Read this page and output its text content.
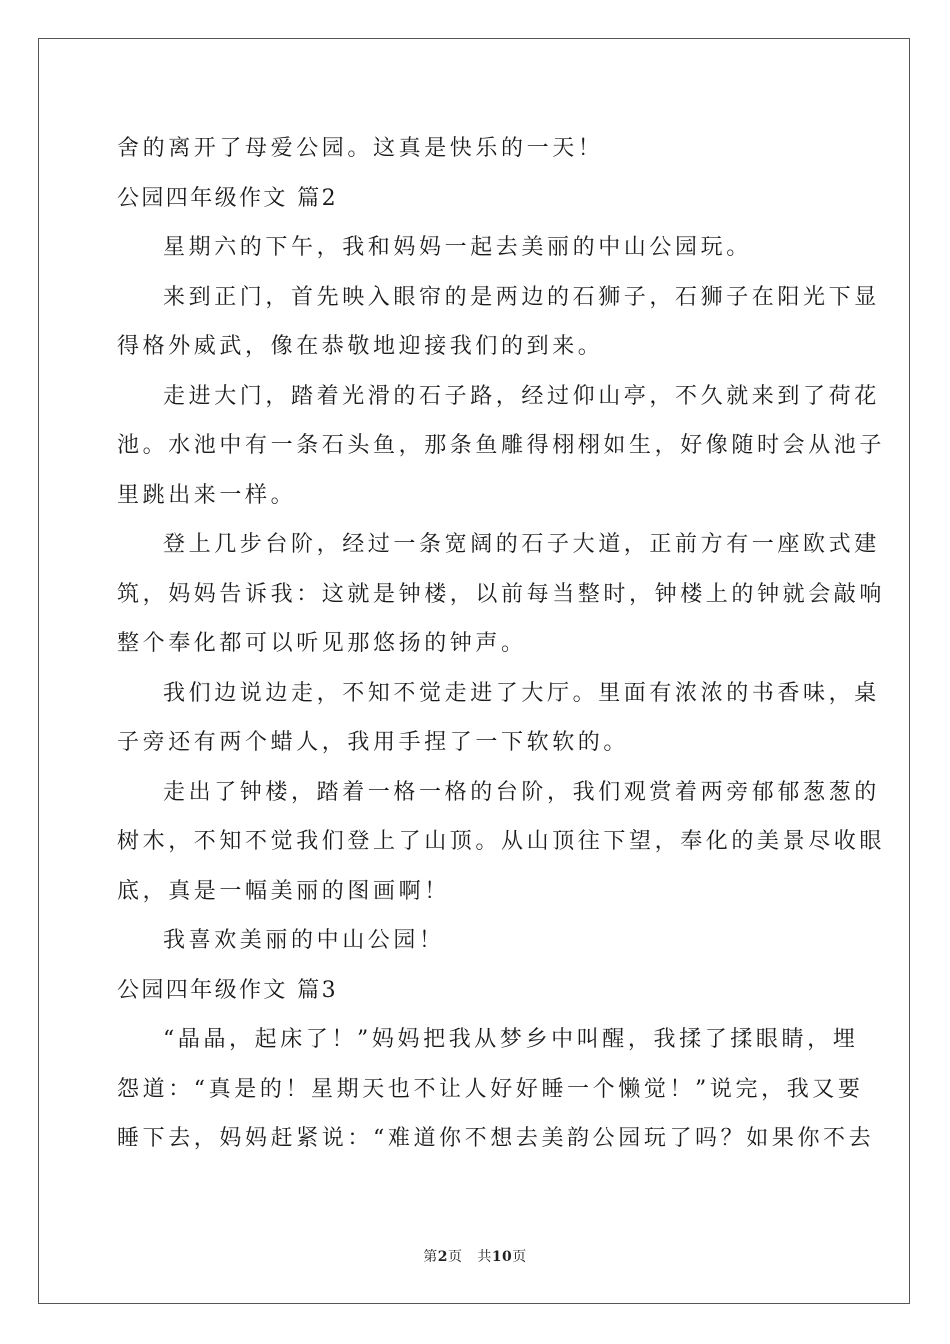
舍的离开了母爱公园。这真是快乐的一天！
公园四年级作文 篇2
星期六的下午，我和妈妈一起去美丽的中山公园玩。
来到正门，首先映入眼帘的是两边的石狮子，石狮子在阳光下显
得格外威武，像在恭敬地迎接我们的到来。
走进大门，踏着光滑的石子路，经过仰山亭，不久就来到了荷花
池。水池中有一条石头鱼，那条鱼雕得栩栩如生，好像随时会从池子
里跳出来一样。
登上几步台阶，经过一条宽阔的石子大道，正前方有一座欧式建
筑，妈妈告诉我：这就是钟楼，以前每当整时，钟楼上的钟就会敲响
整个奉化都可以听见那悠扬的钟声。
我们边说边走，不知不觉走进了大厅。里面有浓浓的书香味，桌
子旁还有两个蜡人，我用手捏了一下软软的。
走出了钟楼，踏着一格一格的台阶，我们观赏着两旁郁郁葱葱的
树木，不知不觉我们登上了山顶。从山顶往下望，奉化的美景尽收眼
底，真是一幅美丽的图画啊！
我喜欢美丽的中山公园！
公园四年级作文 篇3
“晶晶，起床了！”妈妈把我从梦乡中叫醒，我揉了揉眼睛，埋
怨道：“真是的！星期天也不让人好好睡一个懒觉！”说完，我又要
睡下去，妈妈赶紧说：“难道你不想去美韵公园玩了吗？如果你不去
第2页 共10页
